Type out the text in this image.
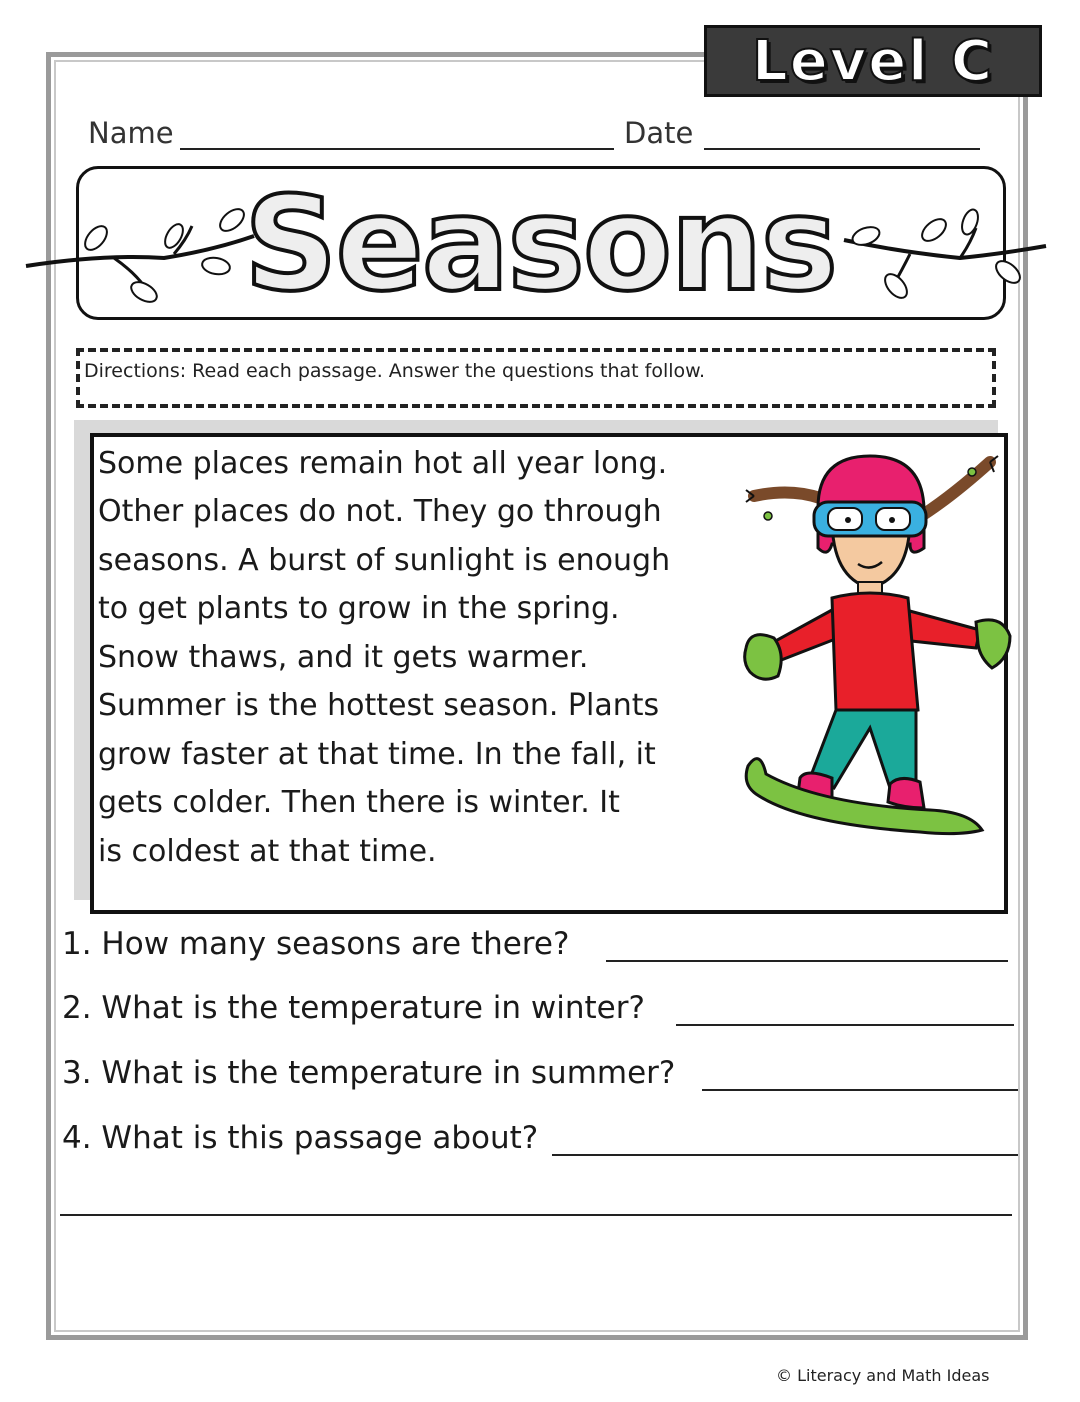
Level C
Name	Date
Seasons
Directions: Read each passage. Answer the questions that follow.
Some places remain hot all year long.
Other places do not. They go through
seasons. A burst of sunlight is enough
to get plants to grow in the spring.
Snow thaws, and it gets warmer.
Summer is the hottest season. Plants
grow faster at that time. In the fall, it
gets colder. Then there is winter. It
is coldest at that time.
1. How many seasons are there?
2. What is the temperature in winter?
3. What is the temperature in summer?
4. What is this passage about?
© Literacy and Math Ideas
